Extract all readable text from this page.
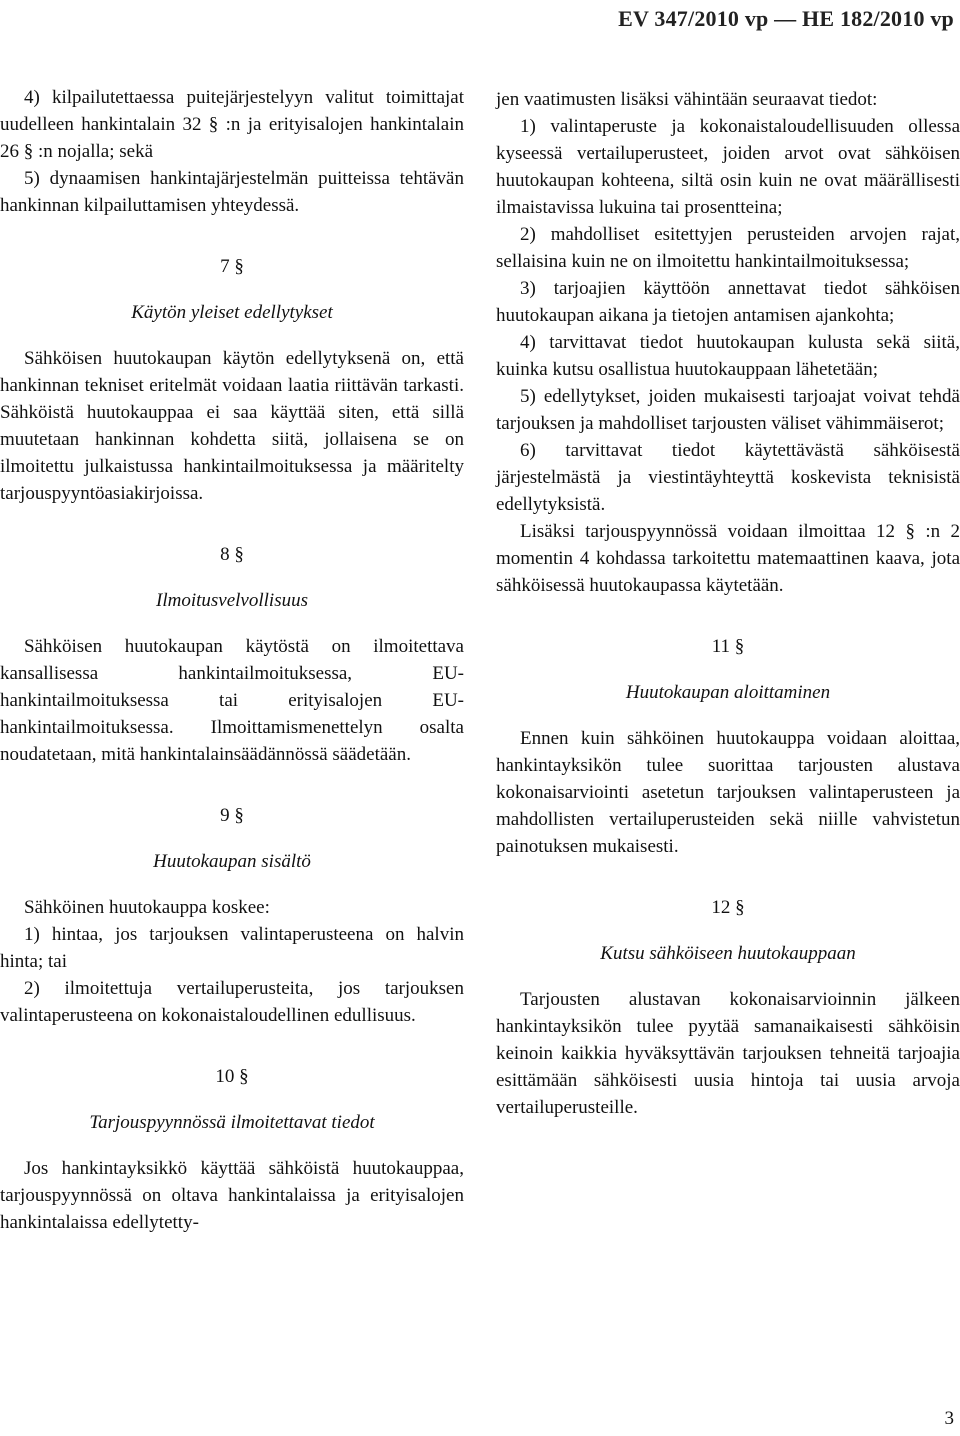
EV 347/2010 vp — HE 182/2010 vp

4) kilpailutettaessa puitejärjestelyyn valitut toimittajat uudelleen hankintalain 32 § :n ja erityisalojen hankintalain 26 § :n nojalla; sekä

5) dynaamisen hankintajärjestelmän puitteissa tehtävän hankinnan kilpailuttamisen yhteydessä.

7 §

Käytön yleiset edellytykset

Sähköisen huutokaupan käytön edellytyksenä on, että hankinnan tekniset eritelmät voidaan laatia riittävän tarkasti. Sähköistä huutokauppaa ei saa käyttää siten, että sillä muutetaan hankinnan kohdetta siitä, jollaisena se on ilmoitettu julkaistussa hankintailmoituksessa ja määritelty tarjouspyyntöasiakirjoissa.

8 §

Ilmoitusvelvollisuus

Sähköisen huutokaupan käytöstä on ilmoitettava kansallisessa hankintailmoituksessa, EU-hankintailmoituksessa tai erityisalojen EU-hankintailmoituksessa. Ilmoittamismenettelyn osalta noudatetaan, mitä hankintalainsäädännössä säädetään.

9 §

Huutokaupan sisältö

Sähköinen huutokauppa koskee:

1) hintaa, jos tarjouksen valintaperusteena on halvin hinta; tai

2) ilmoitettuja vertailuperusteita, jos tarjouksen valintaperusteena on kokonaistaloudellinen edullisuus.

10 §

Tarjouspyynnössä ilmoitettavat tiedot

Jos hankintayksikkö käyttää sähköistä huutokauppaa, tarjouspyynnössä on oltava hankintalaissa ja erityisalojen hankintalaissa edellytetty-

jen vaatimusten lisäksi vähintään seuraavat tiedot:

1) valintaperuste ja kokonaistaloudellisuuden ollessa kyseessä vertailuperusteet, joiden arvot ovat sähköisen huutokaupan kohteena, siltä osin kuin ne ovat määrällisesti ilmaistavissa lukuina tai prosentteina;

2) mahdolliset esitettyjen perusteiden arvojen rajat, sellaisina kuin ne on ilmoitettu hankintailmoituksessa;

3) tarjoajien käyttöön annettavat tiedot sähköisen huutokaupan aikana ja tietojen antamisen ajankohta;

4) tarvittavat tiedot huutokaupan kulusta sekä siitä, kuinka kutsu osallistua huutokauppaan lähetetään;

5) edellytykset, joiden mukaisesti tarjoajat voivat tehdä tarjouksen ja mahdolliset tarjousten väliset vähimmäiserot;

6) tarvittavat tiedot käytettävästä sähköisestä järjestelmästä ja viestintäyhteyttä koskevista teknisistä edellytyksistä.

Lisäksi tarjouspyynnössä voidaan ilmoittaa 12 § :n 2 momentin 4 kohdassa tarkoitettu matemaattinen kaava, jota sähköisessä huutokaupassa käytetään.

11 §

Huutokaupan aloittaminen

Ennen kuin sähköinen huutokauppa voidaan aloittaa, hankintayksikön tulee suorittaa tarjousten alustava kokonaisarviointi asetetun tarjouksen valintaperusteen ja mahdollisten vertailuperusteiden sekä niille vahvistetun painotuksen mukaisesti.

12 §

Kutsu sähköiseen huutokauppaan

Tarjousten alustavan kokonaisarvioinnin jälkeen hankintayksikön tulee pyytää samanaikaisesti sähköisin keinoin kaikkia hyväksyttävän tarjouksen tehneitä tarjoajia esittämään sähköisesti uusia hintoja tai uusia arvoja vertailuperusteille.

3
